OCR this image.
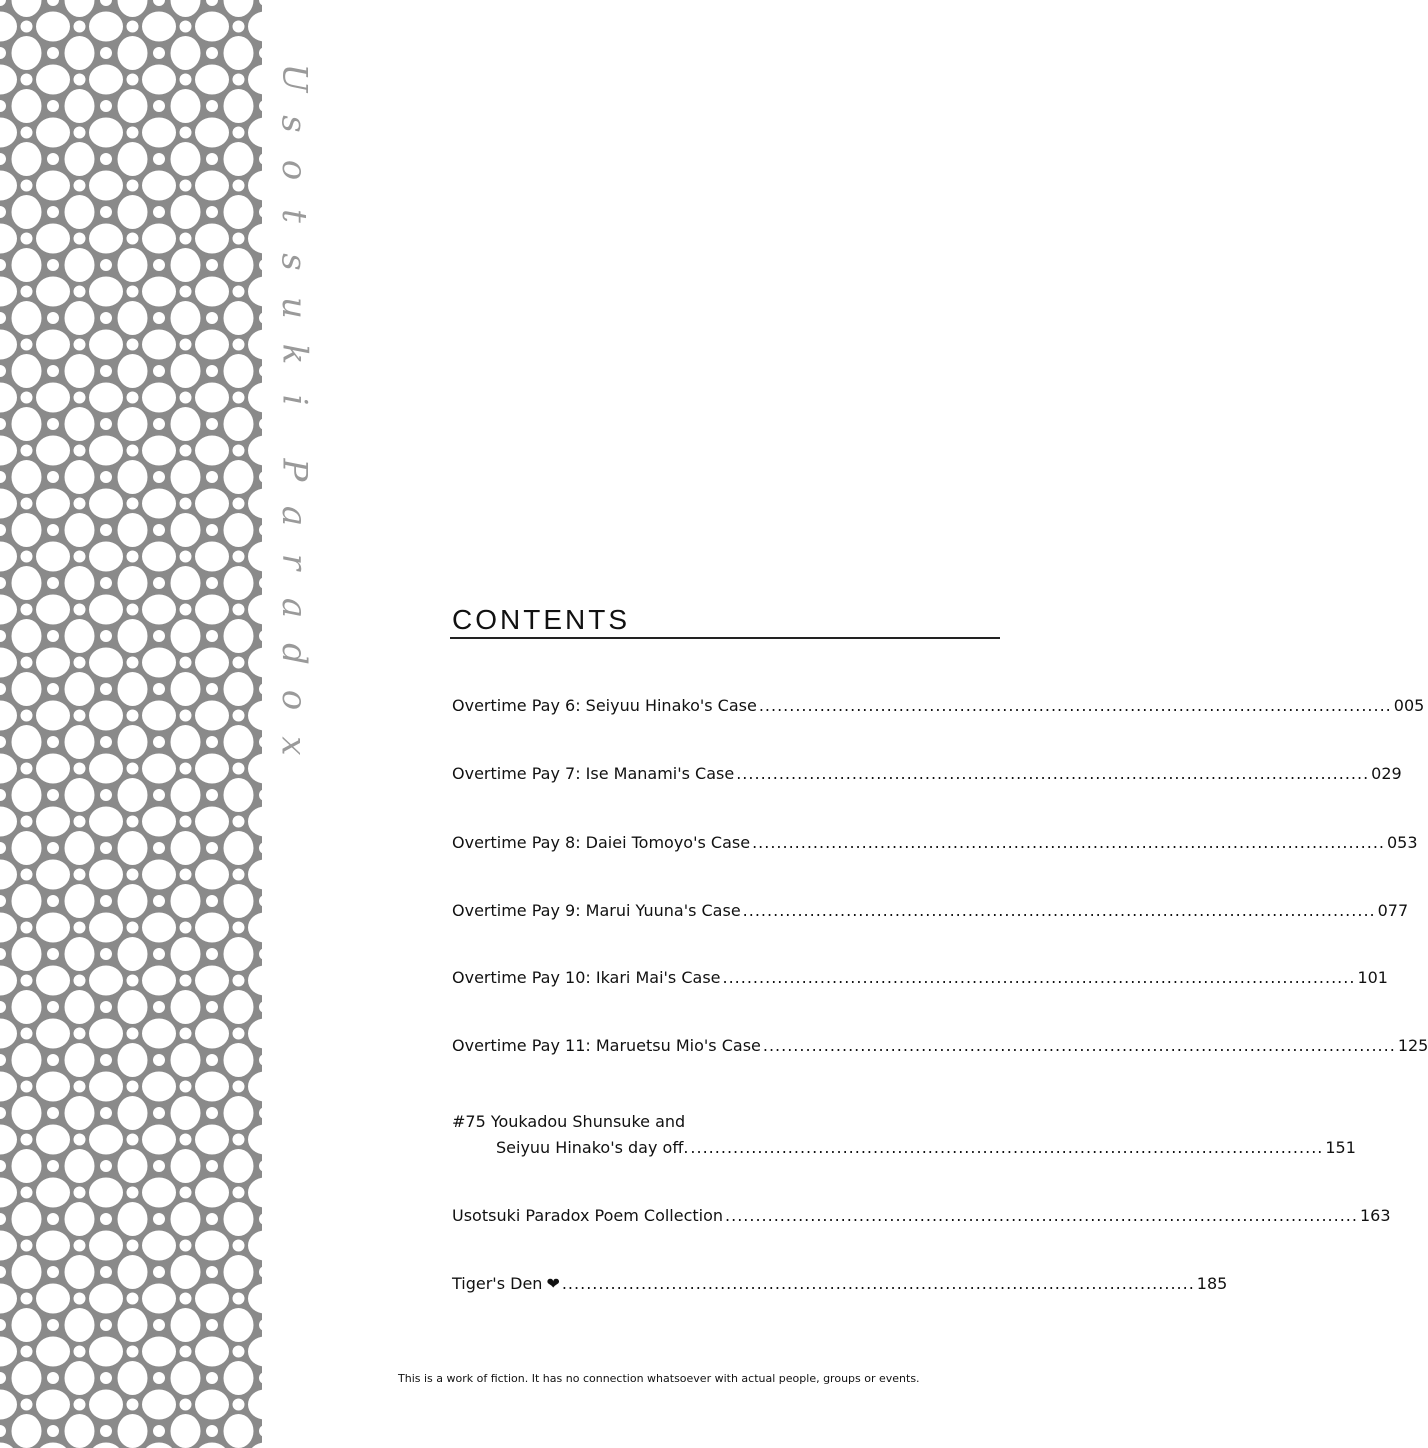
U
s
o
t
s
u
k
i
P
a
r
a
d
o
x
CONTENTS
Overtime Pay 6: Seiyuu Hinako's Case ........................................................................................................ 005
Overtime Pay 7: Ise Manami's Case ........................................................................................................ 029
Overtime Pay 8: Daiei Tomoyo's Case ........................................................................................................ 053
Overtime Pay 9: Marui Yuuna's Case ........................................................................................................ 077
Overtime Pay 10: Ikari Mai's Case ........................................................................................................ 101
Overtime Pay 11: Maruetsu Mio's Case ........................................................................................................ 125
#75 Youkadou Shunsuke and
Seiyuu Hinako's day off. ........................................................................................................ 151
Usotsuki Paradox Poem Collection ........................................................................................................ 163
Tiger's Den ❤ ........................................................................................................ 185
This is a work of fiction. It has no connection whatsoever with actual people, groups or events.
